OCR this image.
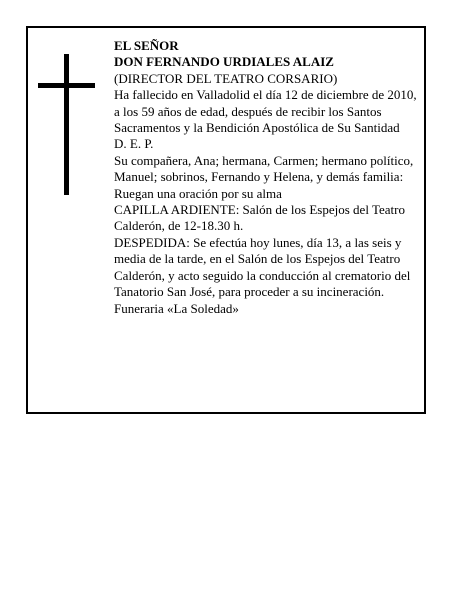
EL SEÑOR

DON FERNANDO URDIALES ALAIZ

(DIRECTOR DEL TEATRO CORSARIO)

Ha fallecido en Valladolid el día 12 de diciembre de 2010, a los 59 años de edad, después de recibir los Santos Sacramentos y la Bendición Apostólica de Su Santidad

D. E. P.

Su compañera, Ana; hermana, Carmen; hermano político, Manuel; sobrinos, Fernando y Helena, y demás familia:

Ruegan una oración por su alma

CAPILLA ARDIENTE: Salón de los Espejos del Teatro Calderón, de 12-18.30 h.

DESPEDIDA: Se efectúa hoy lunes, día 13, a las seis y media de la tarde, en el Salón de los Espejos del Teatro Calderón, y acto seguido la conducción al crematorio del Tanatorio San José, para proceder a su incineración.

Funeraria «La Soledad»
